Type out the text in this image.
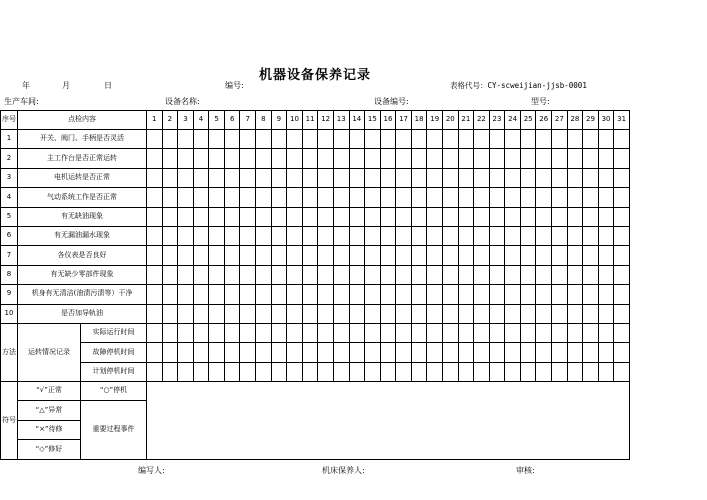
机器设备保养记录
年	月	日	编号:	表格代号：CY-scweijian-jjsb-0001
生产车间:	设备名称:	设备编号:	型号:
序号	点检内容		1	2	3	4	5	6	7	8	9	10	11	12	13	14	15	16	17	18	19	20	21	22	23	24	25	26	27	28	29	30	31
1	开关、阀门、手柄是否灵活																																
2	主工作台是否正常运转																																
3	电机运转是否正常																																
4	气动系统工作是否正常																																
5	有无缺油现象																																
6	有无漏油漏水现象																																
7	各仪表是否良好																																
8	有无缺少零部件现象																																
9	机身有无清洁(油渍污渍等）干净																																
10	是否加导轨油																																
方法	运转情况记录	实际运行时间																															
		故障停机时间																															
		计划停机时间																															
符号	“√”正常	“○”停机																															
	“△”异常	重要过程事件																															
	“×”待修																																
	“◇”修好																																
编写人:	机床保养人:	审核:
